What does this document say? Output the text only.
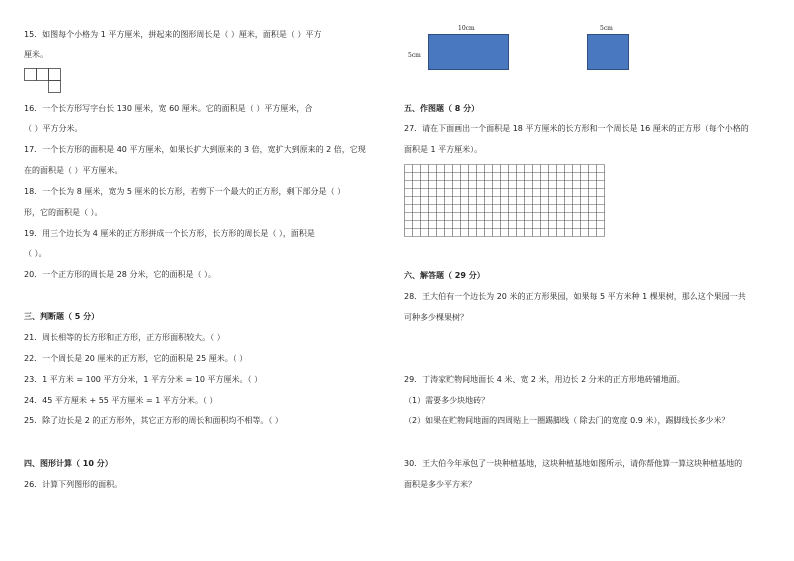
15．如图每个小格为 1 平方厘米，拼起来的图形周长是（ ）厘米，面积是（ ）平方
厘米。
16．一个长方形写字台长 130 厘米，宽 60 厘米。它的面积是（ ）平方厘米，合
（ ）平方分米。
17．一个长方形的面积是 40 平方厘米，如果长扩大到原来的 3 倍，宽扩大到原来的 2 倍，它现
在的面积是（ ）平方厘米。
18．一个长为 8 厘米，宽为 5 厘米的长方形，若剪下一个最大的正方形，剩下部分是（ ）
形，它的面积是（ ）。
19．用三个边长为 4 厘米的正方形拼成一个长方形，长方形的周长是（ ），面积是
（ ）。
20．一个正方形的周长是 28 分米，它的面积是（ ）。
三、判断题（ 5 分）
21．周长相等的长方形和正方形，正方形面积较大。（ ）
22．一个周长是 20 厘米的正方形，它的面积是 25 厘米。（ ）
23．1 平方米 = 100 平方分米，1 平方分米 = 10 平方厘米。（ ）
24．45 平方厘米 + 55 平方厘米 = 1 平方分米。（ ）
25．除了边长是 2 的正方形外，其它正方形的周长和面积均不相等。（ ）
四、图形计算（ 10 分）
26．计算下列图形的面积。
10cm
5cm
5cm
五、作图题（ 8 分）
27．请在下面画出一个面积是 18 平方厘米的长方形和一个周长是 16 厘米的正方形（每个小格的
面积是 1 平方厘米）。
六、解答题（ 29 分）
28．王大伯有一个边长为 20 米的正方形果园，如果每 5 平方米种 1 棵果树，那么这个果园一共
可种多少棵果树？
29．丁涛家贮物间地面长 4 米、宽 2 米，用边长 2 分米的正方形地砖铺地面。
（1）需要多少块地砖？
（2）如果在贮物间地面的四周贴上一圈踢脚线（ 除去门的宽度 0.9 米），踢脚线长多少米？
30．王大伯今年承包了一块种植基地，这块种植基地如图所示，请你帮他算一算这块种植基地的
面积是多少平方米？
